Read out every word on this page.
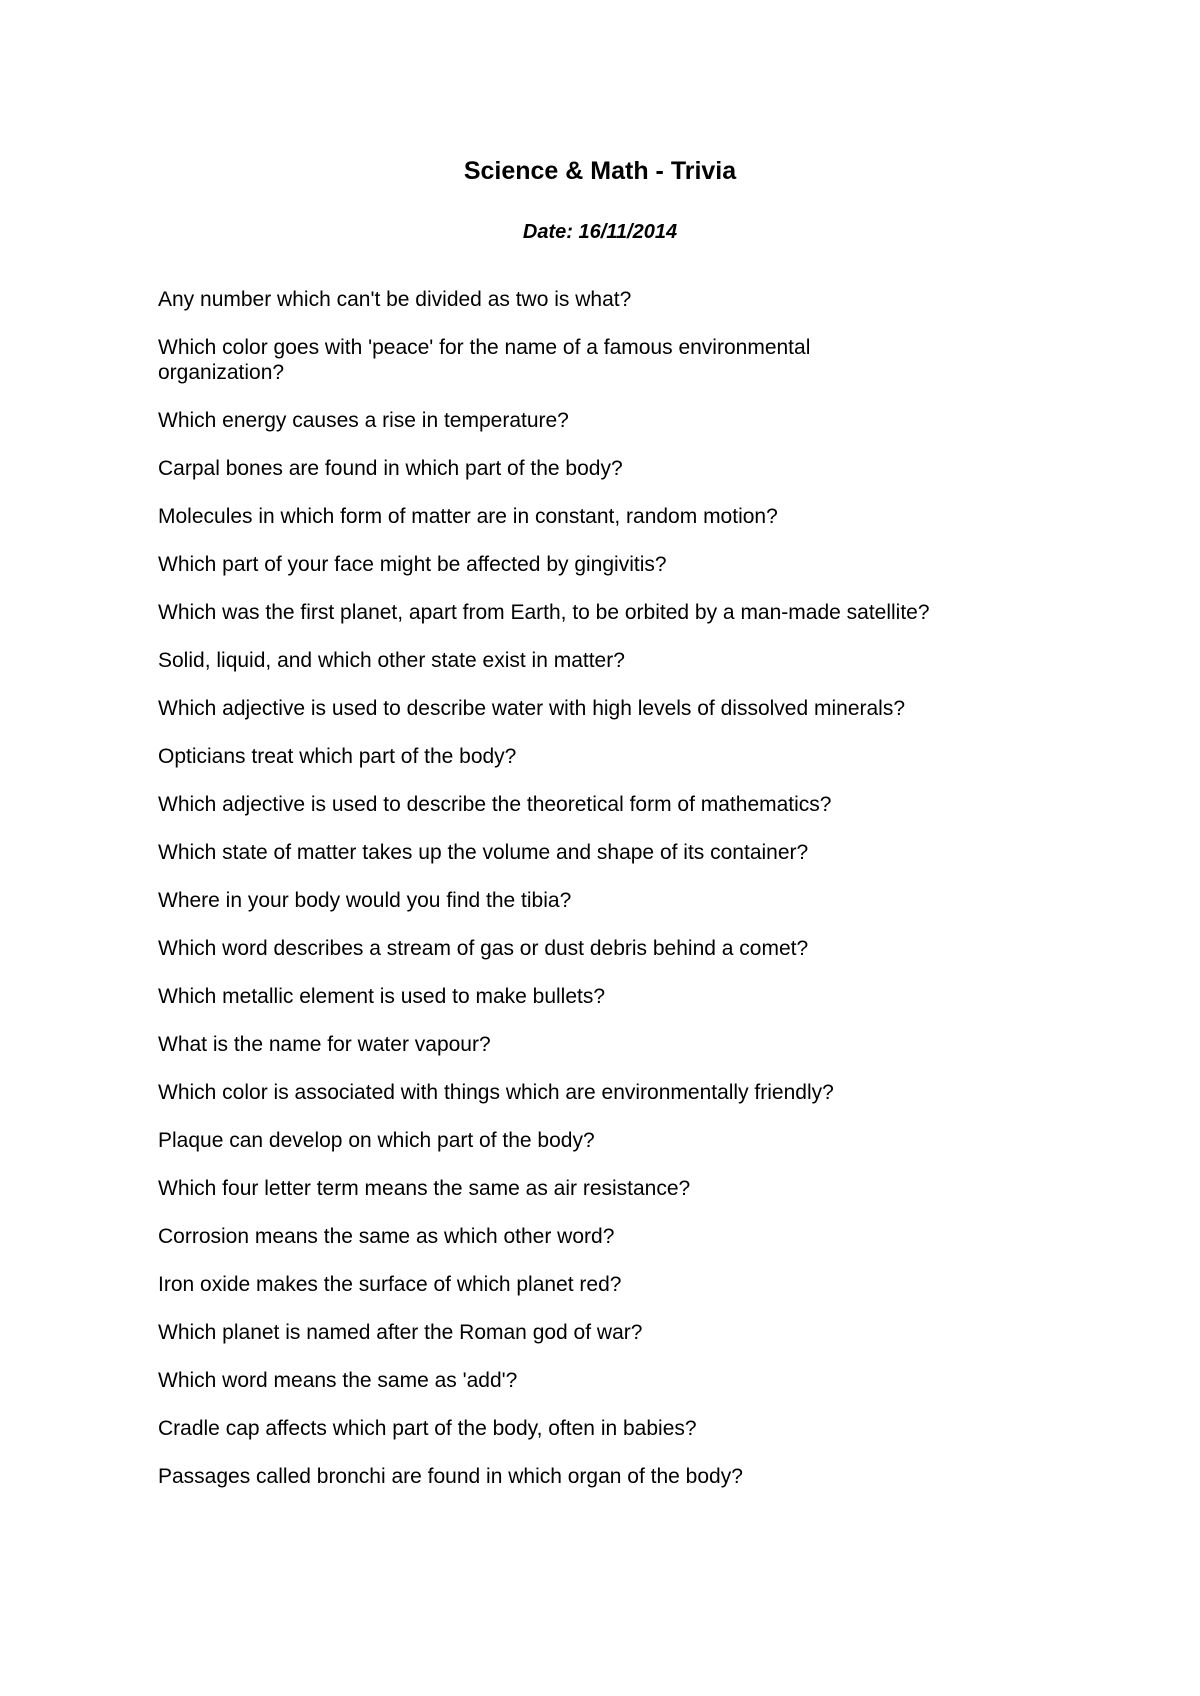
Science & Math - Trivia

Date: 16/11/2014

Any number which can't be divided as two is what?
Which color goes with 'peace' for the name of a famous environmental organization?
Which energy causes a rise in temperature?
Carpal bones are found in which part of the body?
Molecules in which form of matter are in constant, random motion?
Which part of your face might be affected by gingivitis?
Which was the first planet, apart from Earth, to be orbited by a man-made satellite?
Solid, liquid, and which other state exist in matter?
Which adjective is used to describe water with high levels of dissolved minerals?
Opticians treat which part of the body?
Which adjective is used to describe the theoretical form of mathematics?
Which state of matter takes up the volume and shape of its container?
Where in your body would you find the tibia?
Which word describes a stream of gas or dust debris behind a comet?
Which metallic element is used to make bullets?
What is the name for water vapour?
Which color is associated with things which are environmentally friendly?
Plaque can develop on which part of the body?
Which four letter term means the same as air resistance?
Corrosion means the same as which other word?
Iron oxide makes the surface of which planet red?
Which planet is named after the Roman god of war?
Which word means the same as 'add'?
Cradle cap affects which part of the body, often in babies?
Passages called bronchi are found in which organ of the body?
